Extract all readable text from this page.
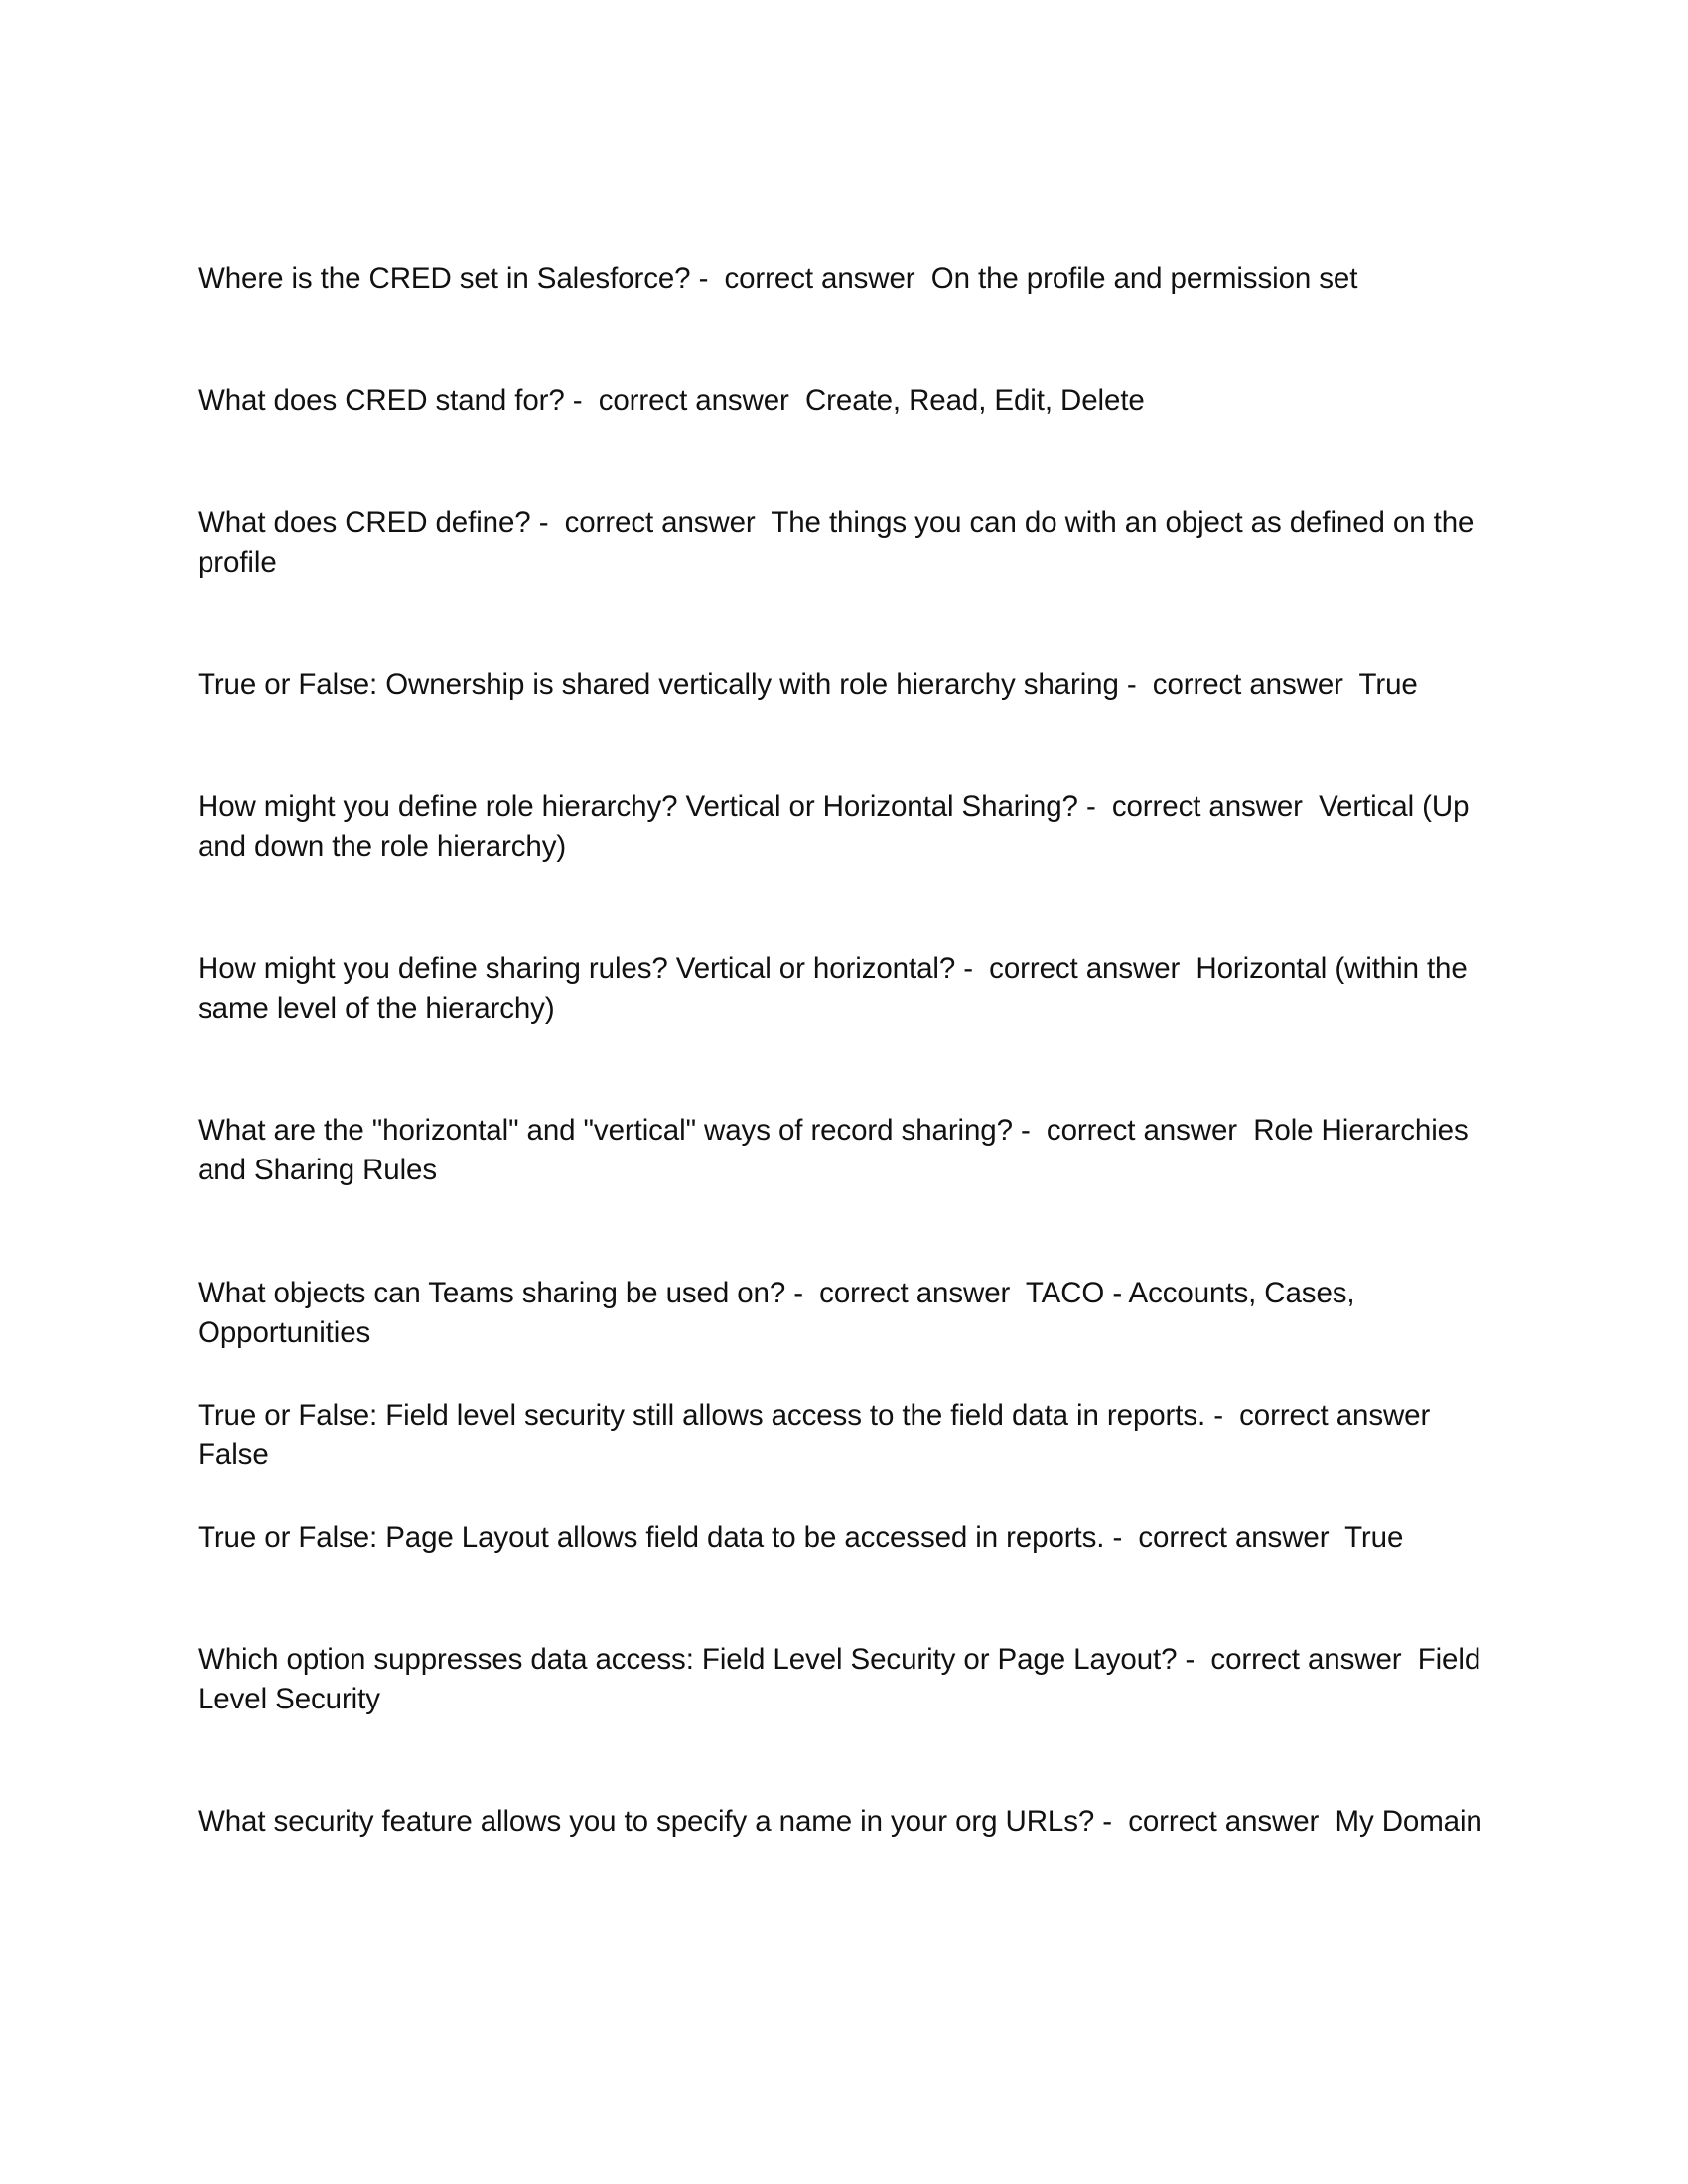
Where is the CRED set in Salesforce? -  correct answer  On the profile and permission set

What does CRED stand for? -  correct answer  Create, Read, Edit, Delete

What does CRED define? -  correct answer  The things you can do with an object as defined on the profile

True or False: Ownership is shared vertically with role hierarchy sharing -  correct answer  True

How might you define role hierarchy? Vertical or Horizontal Sharing? -  correct answer  Vertical (Up and down the role hierarchy)

How might you define sharing rules? Vertical or horizontal? -  correct answer  Horizontal (within the same level of the hierarchy)

What are the "horizontal" and "vertical" ways of record sharing? -  correct answer  Role Hierarchies and Sharing Rules

What objects can Teams sharing be used on? -  correct answer  TACO - Accounts, Cases, Opportunities

True or False: Field level security still allows access to the field data in reports. -  correct answer  False

True or False: Page Layout allows field data to be accessed in reports. -  correct answer  True

Which option suppresses data access: Field Level Security or Page Layout? -  correct answer  Field Level Security

What security feature allows you to specify a name in your org URLs? -  correct answer  My Domain
